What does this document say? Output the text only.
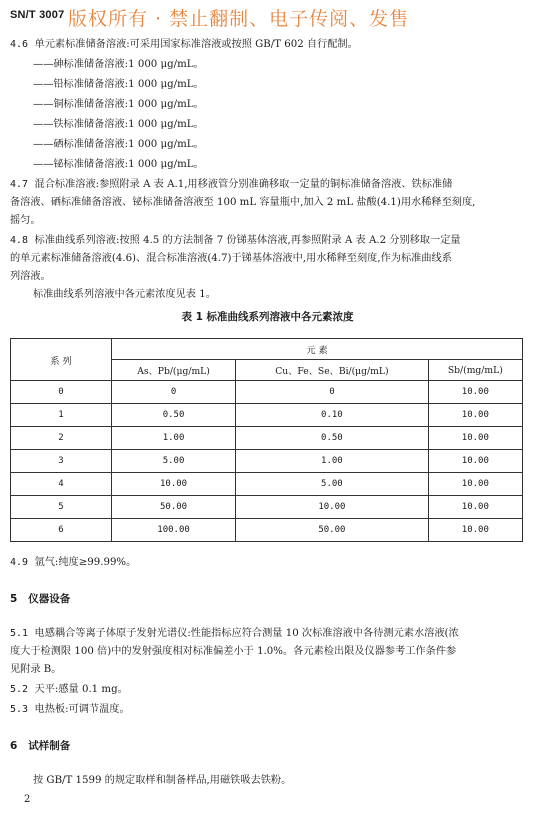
SN/T 3007 版权所有 · 禁止翻制、电子传阅、发售
4.6 单元素标准储备溶液:可采用国家标准溶液或按照 GB/T 602 自行配制。
——砷标准储备溶液:1 000 μg/mL。
——铅标准储备溶液:1 000 μg/mL。
——铜标准储备溶液:1 000 μg/mL。
——铁标准储备溶液:1 000 μg/mL。
——硒标准储备溶液:1 000 μg/mL。
——铋标准储备溶液:1 000 μg/mL。
4.7 混合标准溶液:参照附录 A 表 A.1,用移液管分别准确移取一定量的铜标准储备溶液、铁标准储
备溶液、硒标准储备溶液、铋标准储备溶液至 100 mL 容量瓶中,加入 2 mL 盐酸(4.1)用水稀释至刻度,
摇匀。
4.8 标准曲线系列溶液:按照 4.5 的方法制备 7 份锑基体溶液,再参照附录 A 表 A.2 分别移取一定量
的单元素标准储备溶液(4.6)、混合标准溶液(4.7)于锑基体溶液中,用水稀释至刻度,作为标准曲线系
列溶液。
标准曲线系列溶液中各元素浓度见表 1。
表 1 标准曲线系列溶液中各元素浓度
系 列	元 素		
	As、Pb/(μg/mL)	Cu、Fe、Se、Bi/(μg/mL)	Sb/(mg/mL)
0	0	0	10.00
1	0.50	0.10	10.00
2	1.00	0.50	10.00
3	5.00	1.00	10.00
4	10.00	5.00	10.00
5	50.00	10.00	10.00
6	100.00	50.00	10.00
4.9 氩气:纯度≥99.99%。
5 仪器设备
5.1 电感耦合等离子体原子发射光谱仪:性能指标应符合测量 10 次标准溶液中各待测元素水溶液(浓
度大于检测限 100 倍)中的发射强度相对标准偏差小于 1.0%。各元素检出限及仪器参考工作条件参
见附录 B。
5.2 天平:感量 0.1 mg。
5.3 电热板:可调节温度。
6 试样制备
按 GB/T 1599 的规定取样和制备样品,用磁铁吸去铁粉。
2
